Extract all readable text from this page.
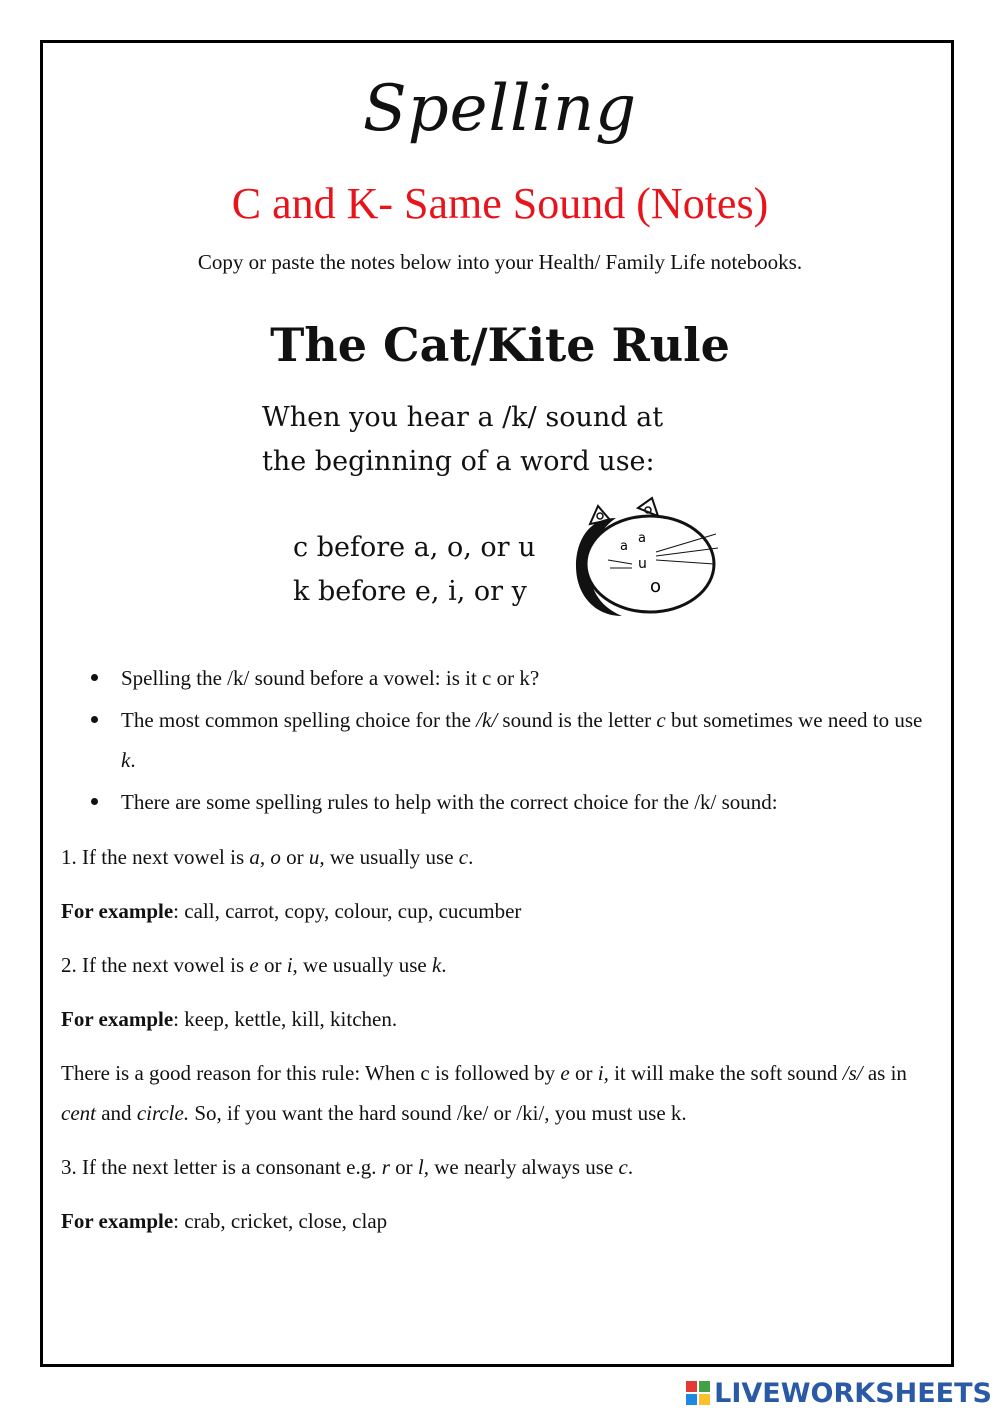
Spelling
C and K- Same Sound (Notes)
Copy or paste the notes below into your Health/ Family Life notebooks.
The Cat/Kite Rule
When you hear a /k/ sound at
the beginning of a word use:
c before a, o, or u
k before e, i, or y
a
a
u
o
Spelling the /k/ sound before a vowel: is it c or k?
The most common spelling choice for the /k/ sound is the letter c but sometimes we need to use k.
There are some spelling rules to help with the correct choice for the /k/ sound:
1. If the next vowel is a, o or u, we usually use c.
For example: call, carrot, copy, colour, cup, cucumber
2. If the next vowel is e or i, we usually use k.
For example: keep, kettle, kill, kitchen.
There is a good reason for this rule: When c is followed by e or i, it will make the soft sound /s/ as in cent and circle. So, if you want the hard sound /ke/ or /ki/, you must use k.
3. If the next letter is a consonant e.g. r or l, we nearly always use c.
For example: crab, cricket, close, clap
LIVEWORKSHEETS
